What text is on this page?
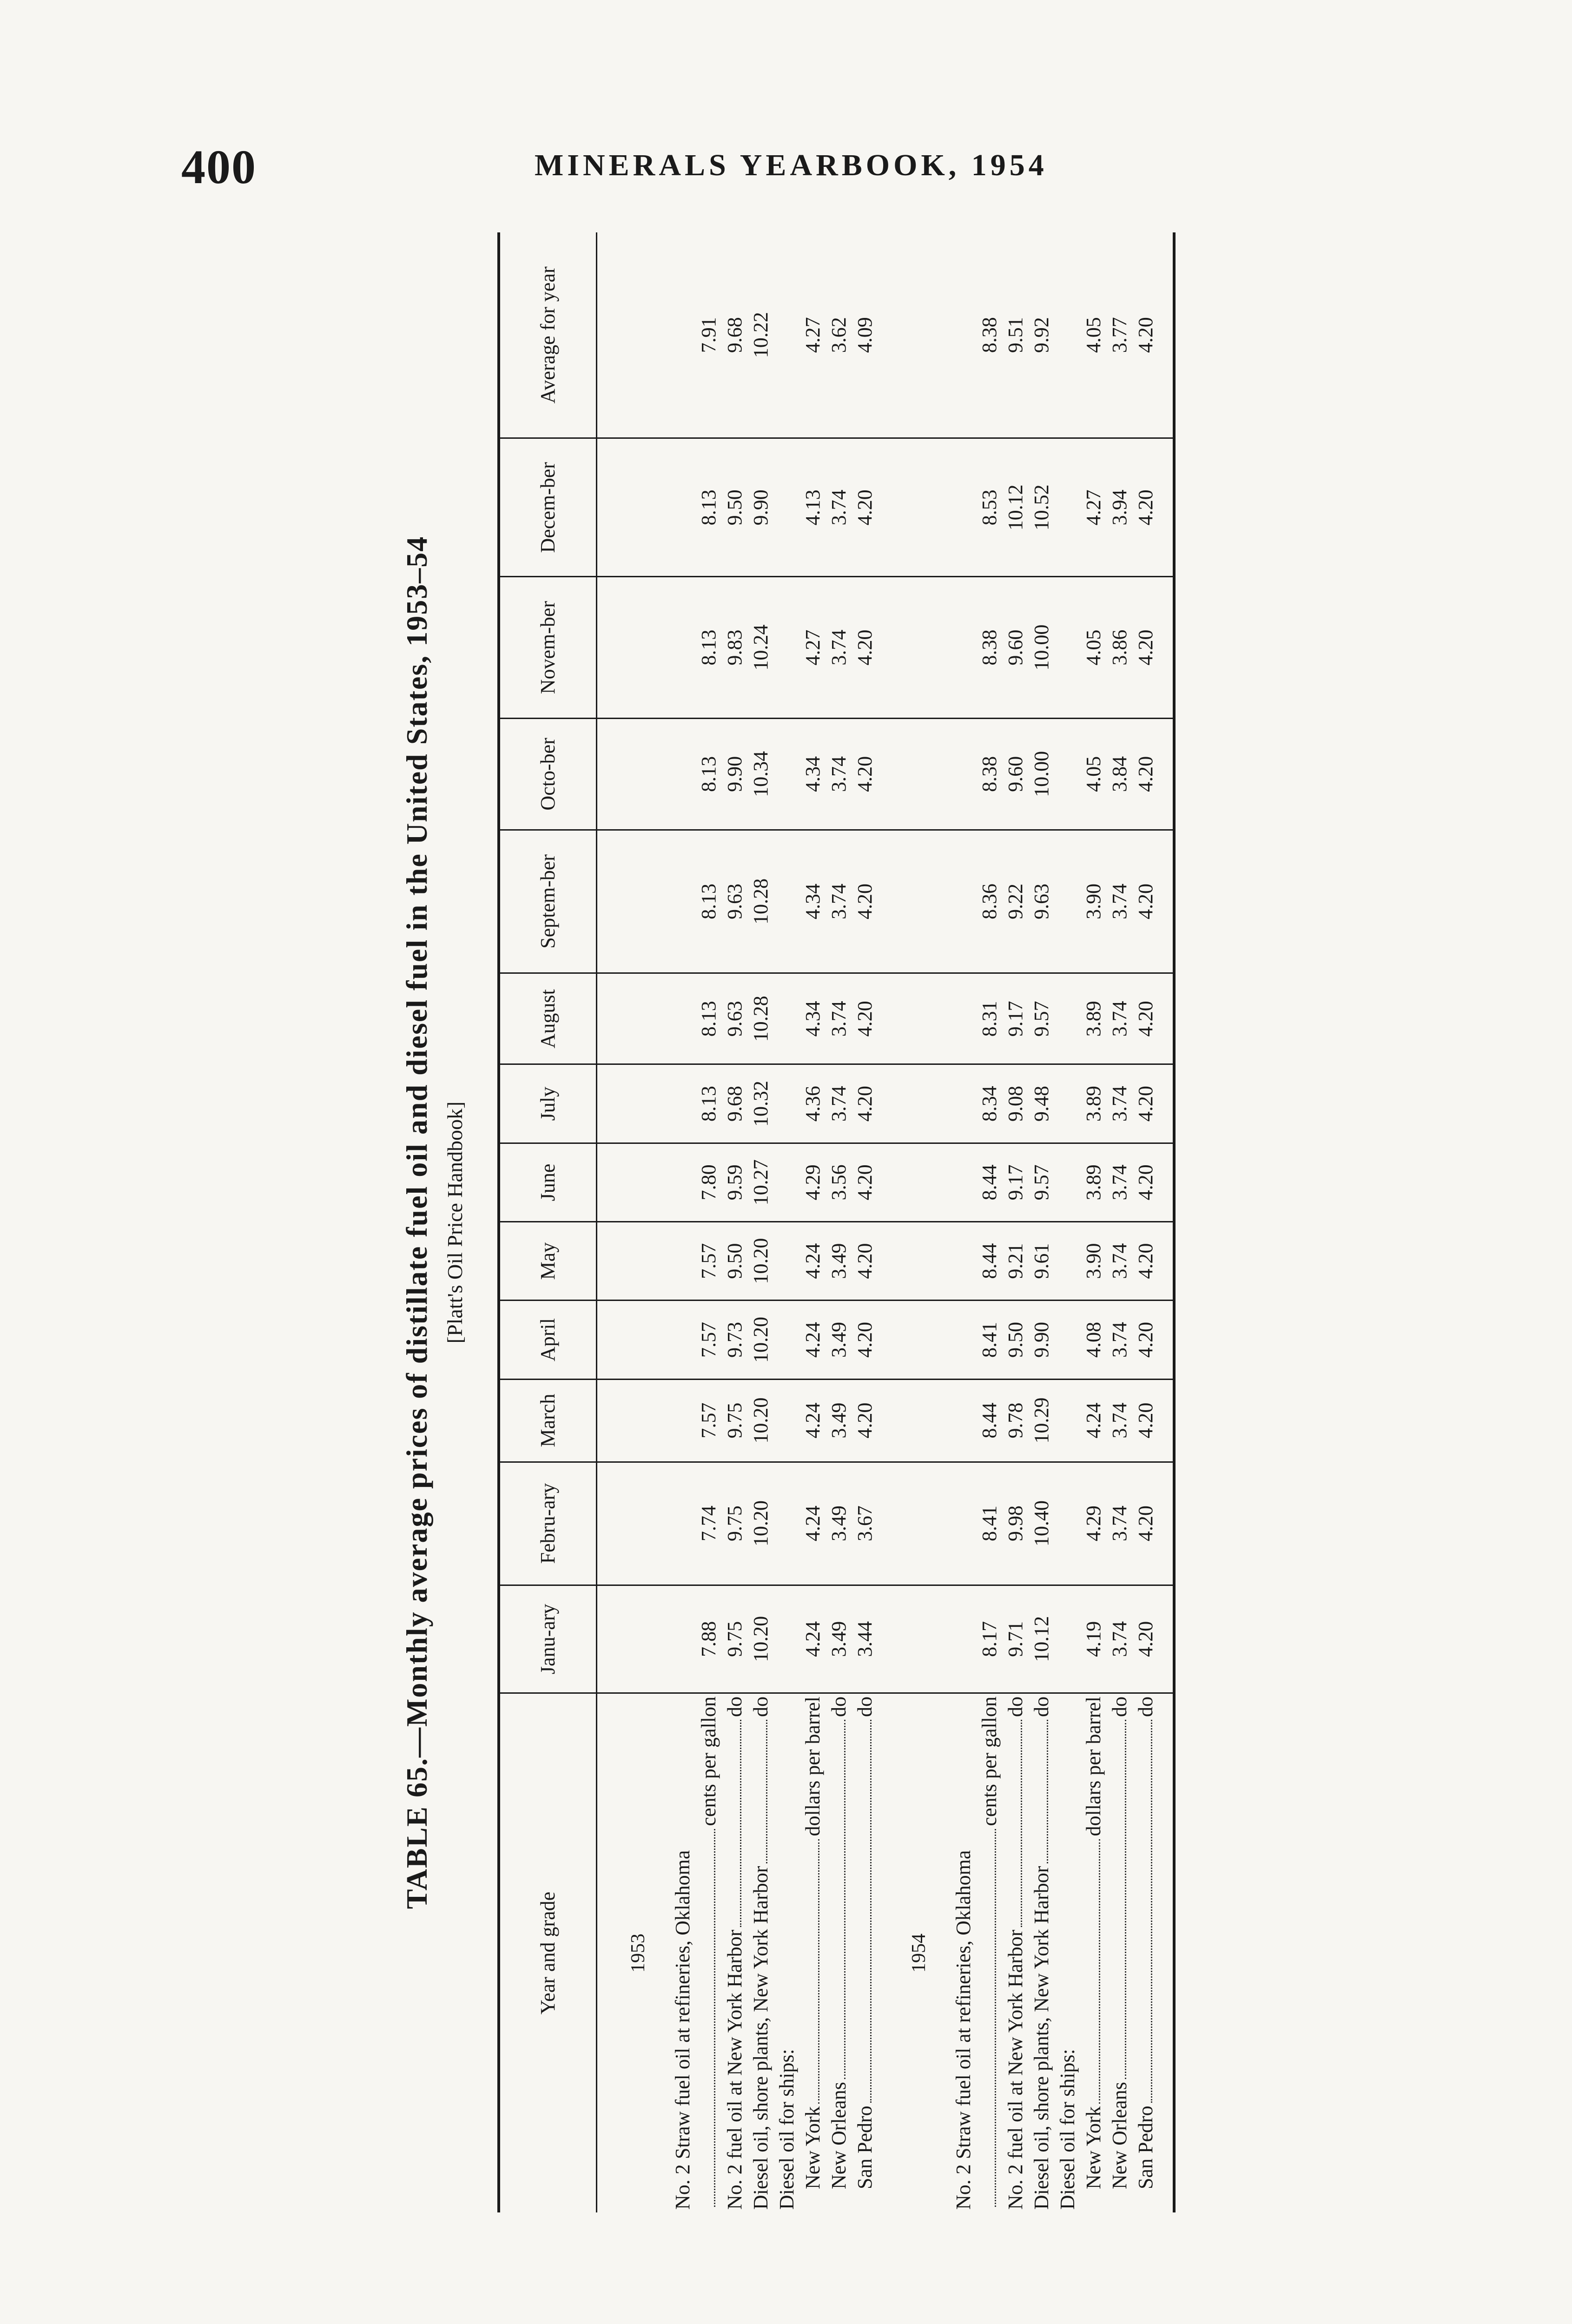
400	MINERALS YEARBOOK, 1954
TABLE 65.—Monthly average prices of distillate fuel oil and diesel fuel in the United States, 1953–54 [Platt's Oil Price Handbook]
Year and grade	Janu-ary	Febru-ary	March	April	May	June	July	August	Septem-ber	Octo-ber	Novem-ber	Decem-ber	Average for year
1953													

No. 2 Straw fuel oil at refineries, Oklahoma													

cents per gallon	7.88	7.74	7.57	7.57	7.57	7.80	8.13	8.13	8.13	8.13	8.13	8.13	7.91

No. 2 fuel oil at New York Harbor
do	9.75	9.75	9.75	9.73	9.50	9.59	9.68	9.63	9.63	9.90	9.83	9.50	9.68

Diesel oil, shore plants, New York Harbor
do	10.20	10.20	10.20	10.20	10.20	10.27	10.32	10.28	10.28	10.34	10.24	9.90	10.22

Diesel oil for ships:													

New York
dollars per barrel	4.24	4.24	4.24	4.24	4.24	4.29	4.36	4.34	4.34	4.34	4.27	4.13	4.27

New Orleans
do	3.49	3.49	3.49	3.49	3.49	3.56	3.74	3.74	3.74	3.74	3.74	3.74	3.62

San Pedro
do	3.44	3.67	4.20	4.20	4.20	4.20	4.20	4.20	4.20	4.20	4.20	4.20	4.09
1954													

No. 2 Straw fuel oil at refineries, Oklahoma													

cents per gallon	8.17	8.41	8.44	8.41	8.44	8.44	8.34	8.31	8.36	8.38	8.38	8.53	8.38

No. 2 fuel oil at New York Harbor
do	9.71	9.98	9.78	9.50	9.21	9.17	9.08	9.17	9.22	9.60	9.60	10.12	9.51

Diesel oil, shore plants, New York Harbor
do	10.12	10.40	10.29	9.90	9.61	9.57	9.48	9.57	9.63	10.00	10.00	10.52	9.92

Diesel oil for ships:													

New York
dollars per barrel	4.19	4.29	4.24	4.08	3.90	3.89	3.89	3.89	3.90	4.05	4.05	4.27	4.05

New Orleans
do	3.74	3.74	3.74	3.74	3.74	3.74	3.74	3.74	3.74	3.84	3.86	3.94	3.77

San Pedro
do	4.20	4.20	4.20	4.20	4.20	4.20	4.20	4.20	4.20	4.20	4.20	4.20	4.20
